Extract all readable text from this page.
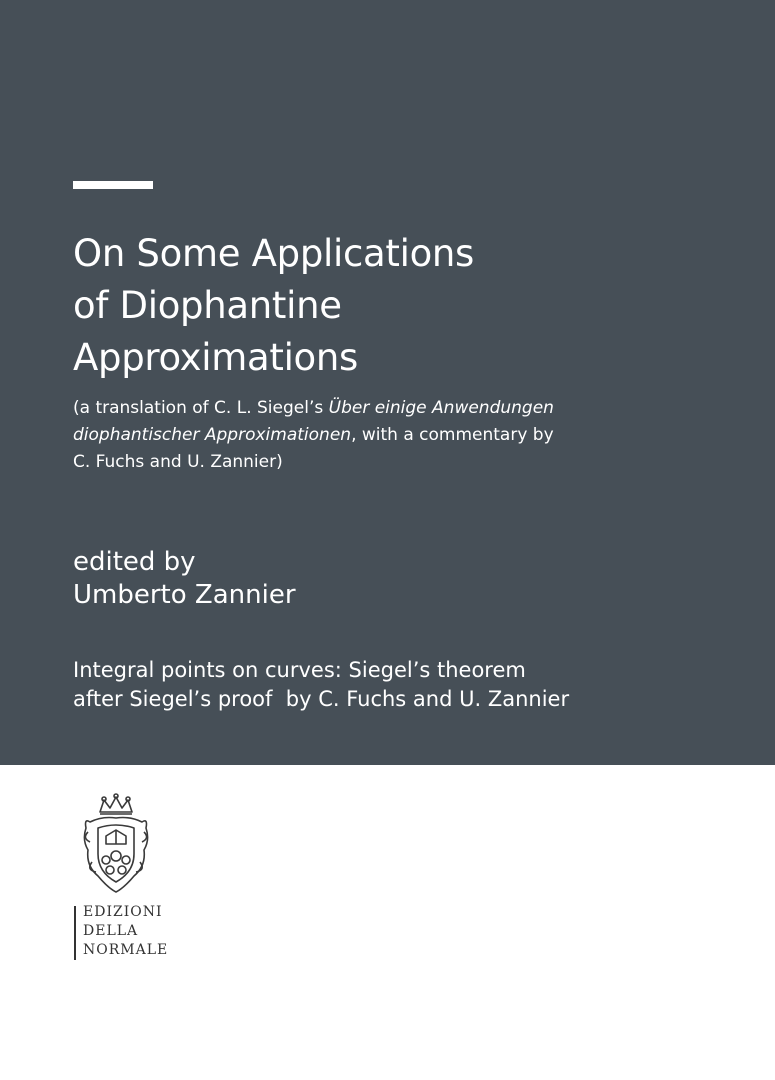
On Some Applications
of Diophantine
Approximations

(a translation of C. L. Siegel’s Über einige Anwendungen
diophantischer Approximationen, with a commentary by
C. Fuchs and U. Zannier)

edited by
Umberto Zannier

Integral points on curves: Siegel’s theorem
after Siegel’s proof  by C. Fuchs and U. Zannier

EDIZIONI
DELLA
NORMALE
